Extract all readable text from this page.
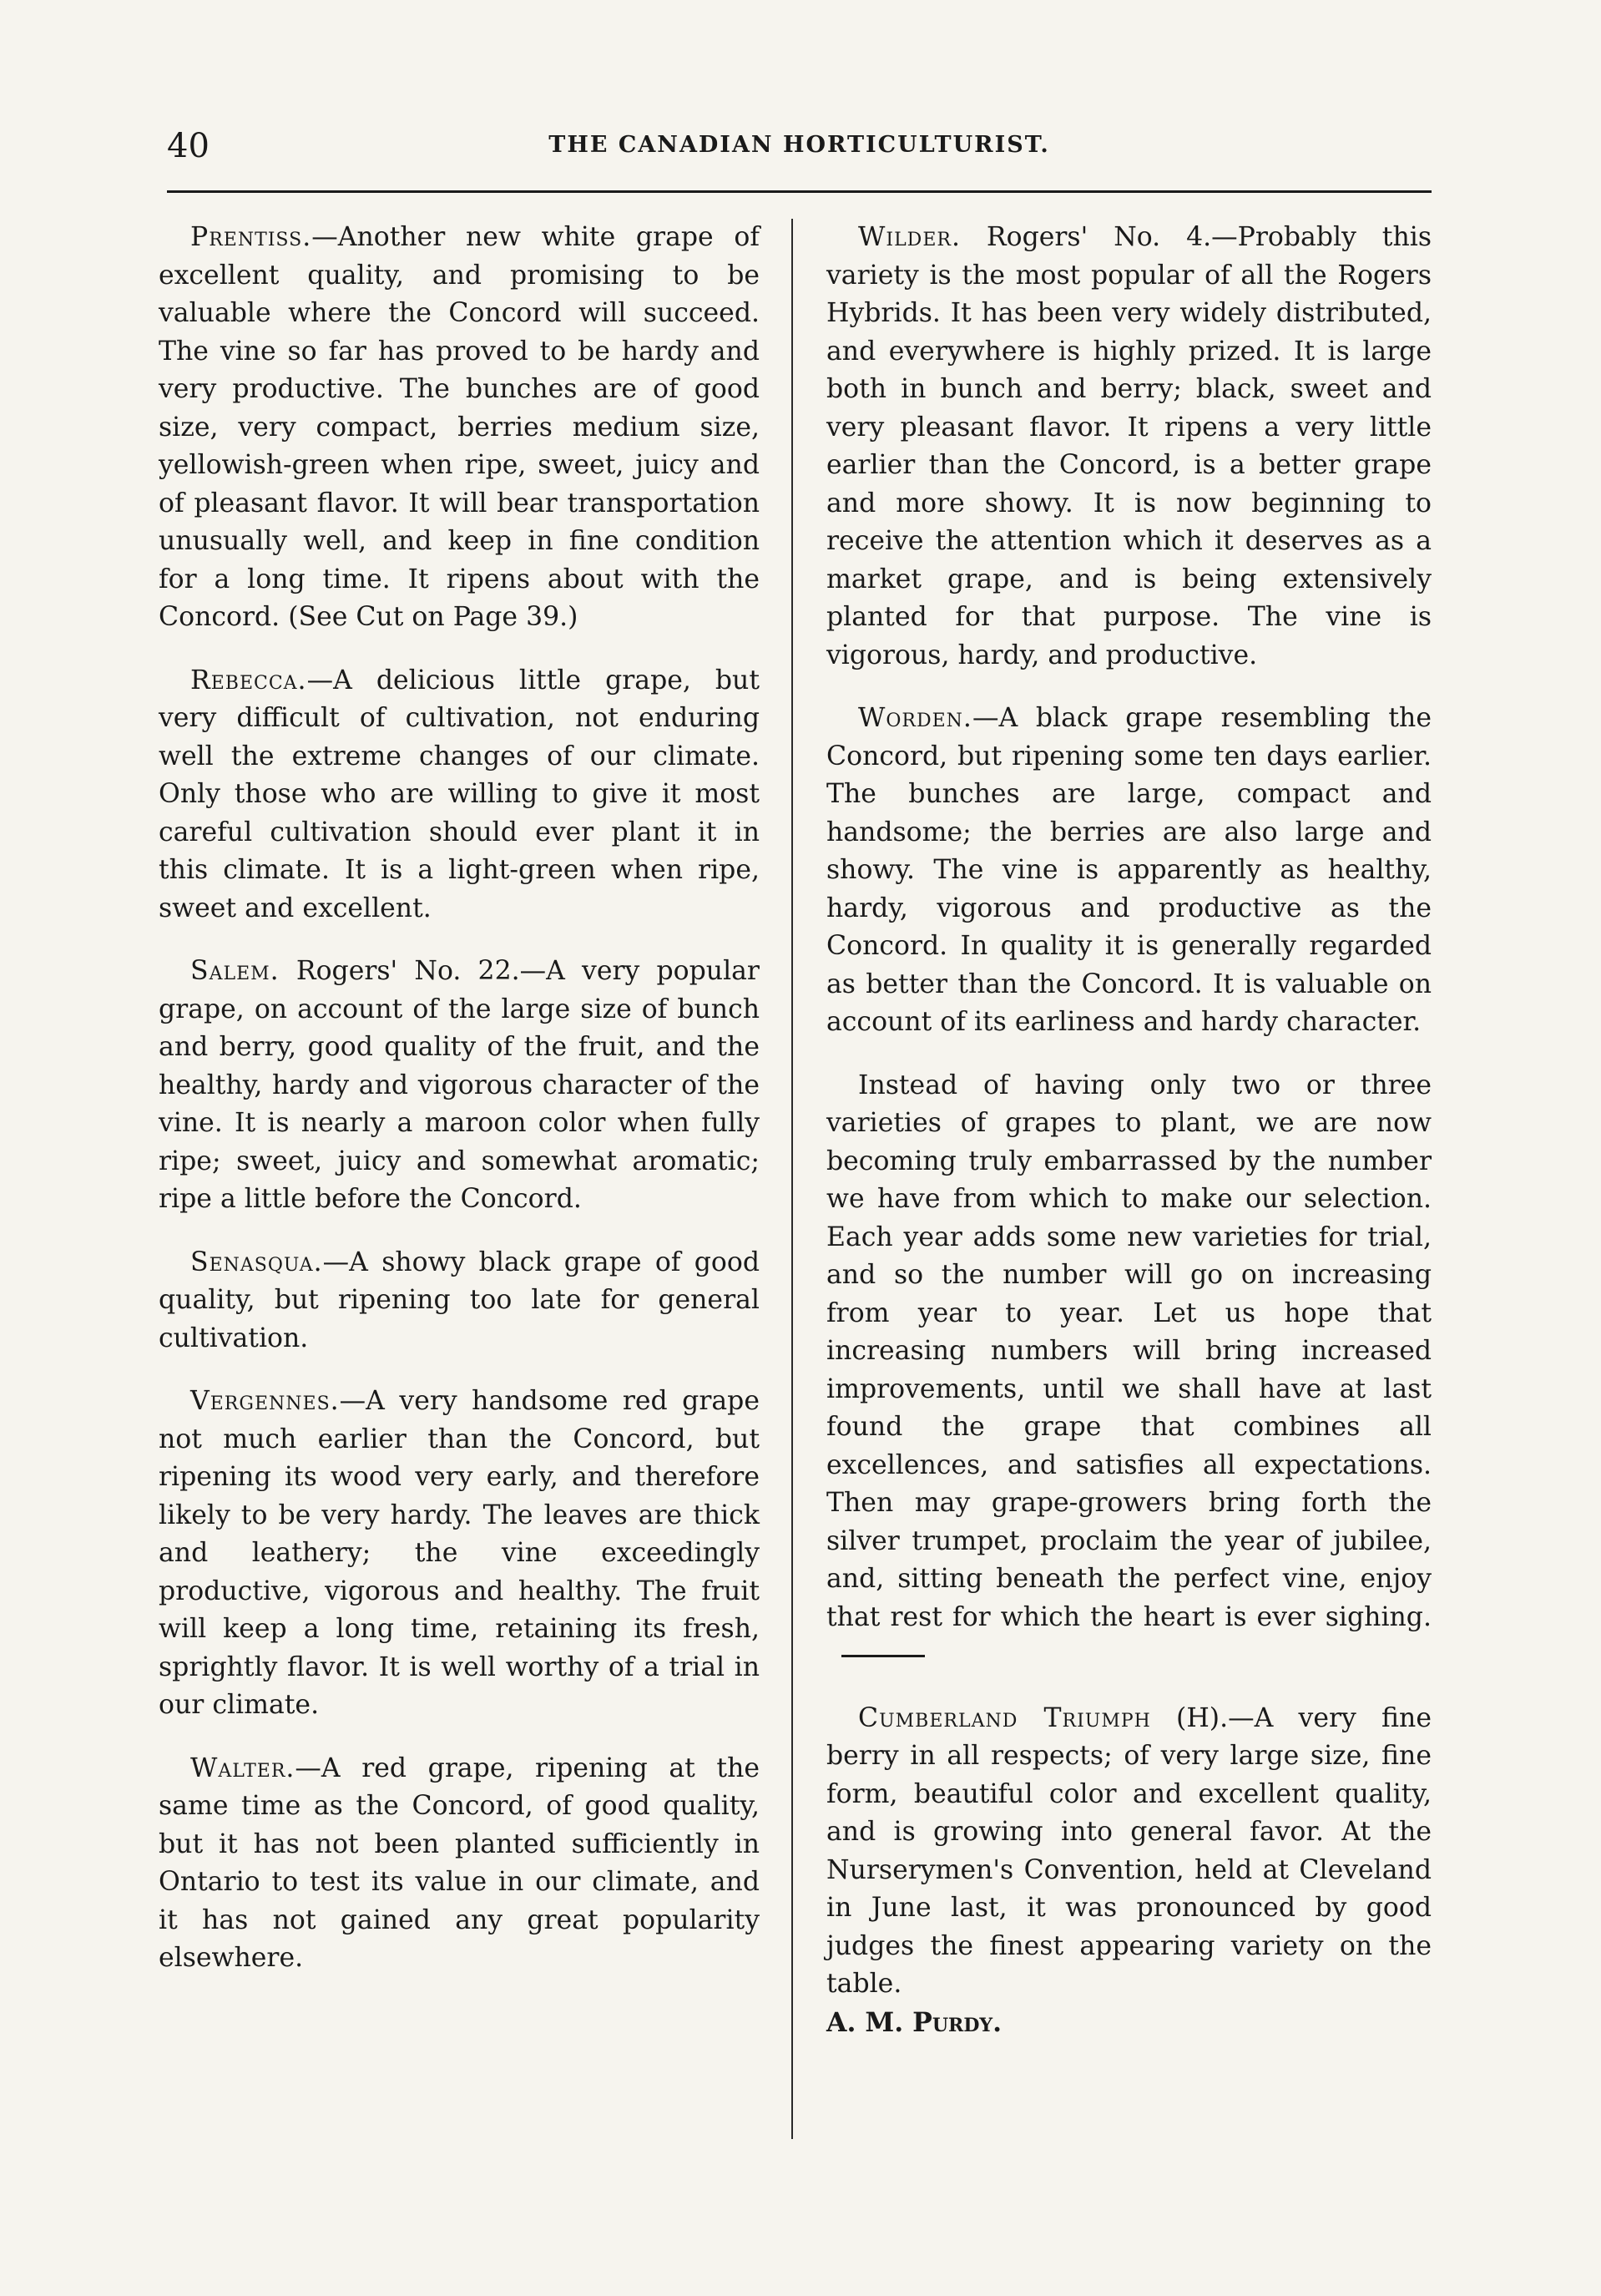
40	THE CANADIAN HORTICULTURIST.

Prentiss.—Another new white grape of excellent quality, and promising to be valuable where the Concord will succeed. The vine so far has proved to be hardy and very productive. The bunches are of good size, very compact, berries medium size, yellowish-green when ripe, sweet, juicy and of pleasant flavor. It will bear transportation unusually well, and keep in fine condition for a long time. It ripens about with the Concord. (See Cut on Page 39.)

Rebecca.—A delicious little grape, but very difficult of cultivation, not enduring well the extreme changes of our climate. Only those who are willing to give it most careful cultivation should ever plant it in this climate. It is a light-green when ripe, sweet and excellent.

Salem. Rogers' No. 22.—A very popular grape, on account of the large size of bunch and berry, good quality of the fruit, and the healthy, hardy and vigorous character of the vine. It is nearly a maroon color when fully ripe; sweet, juicy and somewhat aromatic; ripe a little before the Concord.

Senasqua.—A showy black grape of good quality, but ripening too late for general cultivation.

Vergennes.—A very handsome red grape not much earlier than the Concord, but ripening its wood very early, and therefore likely to be very hardy. The leaves are thick and leathery; the vine exceedingly productive, vigorous and healthy. The fruit will keep a long time, retaining its fresh, sprightly flavor. It is well worthy of a trial in our climate.

Walter.—A red grape, ripening at the same time as the Concord, of good quality, but it has not been planted sufficiently in Ontario to test its value in our climate, and it has not gained any great popularity elsewhere.

Wilder. Rogers' No. 4.—Probably this variety is the most popular of all the Rogers Hybrids. It has been very widely distributed, and everywhere is highly prized. It is large both in bunch and berry; black, sweet and very pleasant flavor. It ripens a very little earlier than the Concord, is a better grape and more showy. It is now beginning to receive the attention which it deserves as a market grape, and is being extensively planted for that purpose. The vine is vigorous, hardy, and productive.

Worden.—A black grape resembling the Concord, but ripening some ten days earlier. The bunches are large, compact and handsome; the berries are also large and showy. The vine is apparently as healthy, hardy, vigorous and productive as the Concord. In quality it is generally regarded as better than the Concord. It is valuable on account of its earliness and hardy character.

Instead of having only two or three varieties of grapes to plant, we are now becoming truly embarrassed by the number we have from which to make our selection. Each year adds some new varieties for trial, and so the number will go on increasing from year to year. Let us hope that increasing numbers will bring increased improvements, until we shall have at last found the grape that combines all excellences, and satisfies all expectations. Then may grape-growers bring forth the silver trumpet, proclaim the year of jubilee, and, sitting beneath the perfect vine, enjoy that rest for which the heart is ever sighing.

Cumberland Triumph (H).—A very fine berry in all respects; of very large size, fine form, beautiful color and excellent quality, and is growing into general favor. At the Nurserymen's Convention, held at Cleveland in June last, it was pronounced by good judges the finest appearing variety on the table.
A. M. Purdy.
